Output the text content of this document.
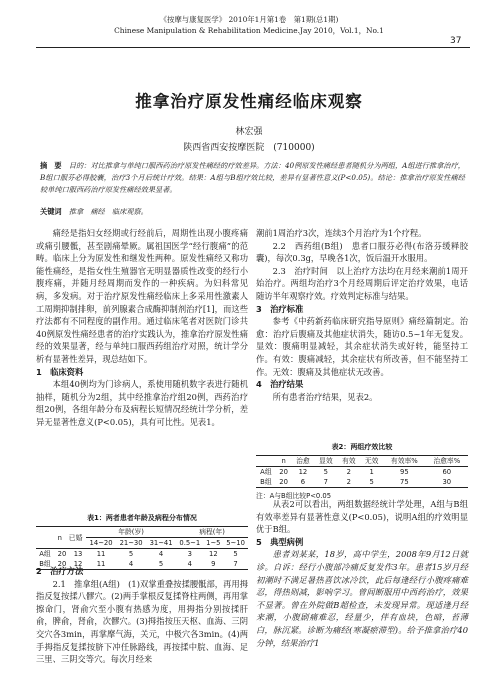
《按摩与康复医学》 2010年1月第1卷　第1期(总1期)
Chinese Manipulation & Rehabilitation Medicine.Jay 2010，Vol.1，No.1
37
推拿治疗原发性痛经临床观察
林宏强
陕西省西安按摩医院　(710000)
摘　要　 目的：对比推拿与单纯口服西药治疗原发性痛经的疗效差异。方法：40例原发性痛经患者随机分为两组，A组进行推拿治疗，B组口服芬必得胶囊，治疗3个月后统计疗效。结果：A组与B组疗效比较，差异有显著性意义(P<0.05)。结论：推拿治疗原发性痛经较单纯口服西药治疗原发性痛经效果显著。
关键词　 推拿　痛经　临床观察。

痛经是指妇女经期或行经前后，周期性出现小腹疼痛或痛引腰骶，甚至剧痛晕厥。属祖国医学“经行腹痛”的范畴。临床上分为原发性和继发性两种。原发性痛经又称功能性痛经，是指女性生殖器官无明显器质性改变的经行小腹疼痛，并随月经周期而发作的一种疾病。为妇科常见病，多发病。对于治疗原发性痛经临床上多采用性激素人工周期抑制排卵，前列腺素合成酶抑制剂治疗[1]，而这些疗法都有不同程度的副作用。通过临床笔者对医院门诊共40例原发性痛经患者的治疗实践认为，推拿治疗原发性痛经的效果显著，经与单纯口服西药组治疗对照，统计学分析有显著性差异，现总结如下。

1　临床资料

本组40例均为门诊病人，系使用随机数字表进行随机抽样，随机分为2组，其中经推拿治疗组20例，西药治疗组20例，各组年龄分布及病程长短情况经统计学分析，差异无显著性意义(P<0.05)，具有可比性。见表1。

表1：两者患者年龄及病程分布情况
	n　已婚		年龄(岁)			病程(年)		
			14~20	21~30	31~41	0.5~1	1~5	5~10
A组	20	13	11	5	4	3	12	5
B组	20	12	11	4	5	4	9	7
2　治疗方法

2.1　推拿组(A组)　(1)双掌重叠按揉腰骶部，再用拇指反复按揉八髎穴。(2)两手掌根反复揉脊柱两侧，再用掌擦命门，肾俞穴至小腹有热感为度，用拇指分别按揉肝俞，脾俞，肾俞，次髎穴。(3)拇指按压天枢、血海、三阴交穴各3min，再掌摩气海，关元，中极穴各3min。(4)两手拇指反复揉按脐下冲任脉路线，再按揉中脘、血海、足三里、三阴交等穴。每次月经来

潮前1周治疗3次，连续3个月治疗为1个疗程。

2.2　西药组(B组)　患者口服芬必得(布洛芬缓释胶囊)，每次0.3g，早晚各1次，饭后温开水服用。

2.3　治疗时间　以上治疗方法均在月经来潮前1周开始治疗。两组均治疗3个月经周期后评定治疗效果，电话随访半年观察疗效。疗效判定标准与结果。

3　治疗标准

参考《中药新药临床研究指导原则》痛经篇制定。治愈：治疗后腹痛及其他症状消失，随访0.5~1年无复发。显效：腹痛明显减轻，其余症状消失或好转，能坚持工作。有效：腹痛减轻，其余症状有所改善，但不能坚持工作。无效：腹痛及其他症状无改善。

4　治疗结果

所有患者治疗结果，见表2。

表2：两组疗效比较
	n	治愈	显效	有效	无效	有效率%	治愈率%
A组	20	12	5	2	1	95	60
B组	20	6	7	2	5	75	30
注：A与B组比较P<0.05

从表2可以看出，两组数据经统计学处理，A组与B组有效率差异有显著性意义(P<0.05)，说明A组的疗效明显优于B组。

5　典型病例

患者刘某某，18岁，高中学生，2008年9月12日就诊。自诉：经行小腹部冷痛反复发作3年。患者15岁月经初潮时不满足暑热喜饮冰冷饮，此后每逢经行小腹疼痛难忍，得热则减，影响学习。曾间断服用中西药治疗，效果不显著。曾在外院做B超检查，未发现异常。现适逢月经来潮，小腹剧痛难忍，经量少，伴有血块，色暗，苔薄白，脉沉紧。诊断为痛经(寒凝瘀滞型)。给予推拿治疗40分钟，结果治疗1
